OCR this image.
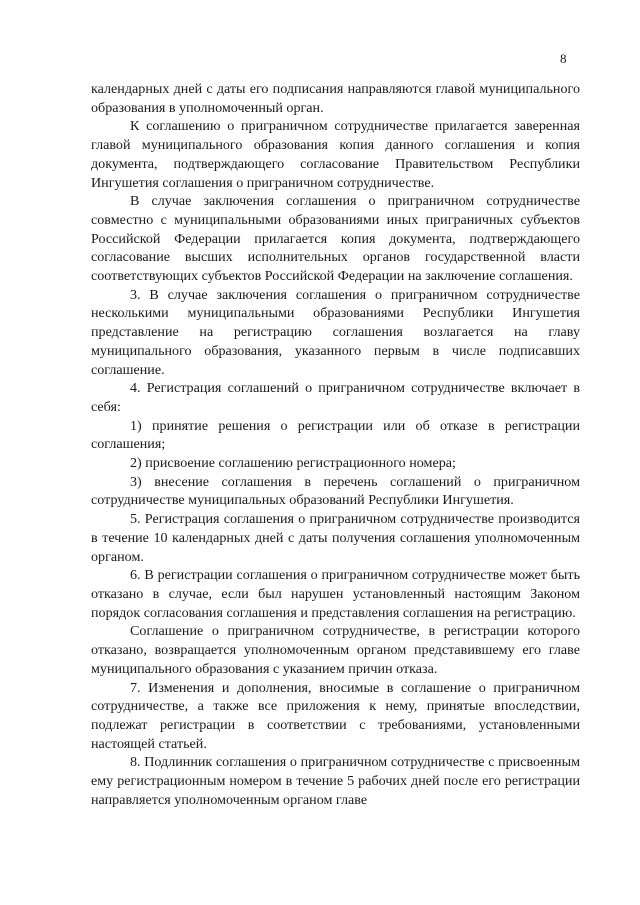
8

календарных дней с даты его подписания направляются главой муниципального образования в уполномоченный орган.

К соглашению о приграничном сотрудничестве прилагается заверенная главой муниципального образования копия данного соглашения и копия документа, подтверждающего согласование Правительством Республики Ингушетия соглашения о приграничном сотрудничестве.

В случае заключения соглашения о приграничном сотрудничестве совместно с муниципальными образованиями иных приграничных субъектов Российской Федерации прилагается копия документа, подтверждающего согласование высших исполнительных органов государственной власти соответствующих субъектов Российской Федерации на заключение соглашения.

3. В случае заключения соглашения о приграничном сотрудничестве несколькими муниципальными образованиями Республики Ингушетия представление на регистрацию соглашения возлагается на главу муниципального образования, указанного первым в числе подписавших соглашение.

4. Регистрация соглашений о приграничном сотрудничестве включает в себя:

1) принятие решения о регистрации или об отказе в регистрации соглашения;

2) присвоение соглашению регистрационного номера;

3) внесение соглашения в перечень соглашений о приграничном сотрудничестве муниципальных образований Республики Ингушетия.

5. Регистрация соглашения о приграничном сотрудничестве производится в течение 10 календарных дней с даты получения соглашения уполномоченным органом.

6. В регистрации соглашения о приграничном сотрудничестве может быть отказано в случае, если был нарушен установленный настоящим Законом порядок согласования соглашения и представления соглашения на регистрацию.

Соглашение о приграничном сотрудничестве, в регистрации которого отказано, возвращается уполномоченным органом представившему его главе муниципального образования с указанием причин отказа.

7. Изменения и дополнения, вносимые в соглашение о приграничном сотрудничестве, а также все приложения к нему, принятые впоследствии, подлежат регистрации в соответствии с требованиями, установленными настоящей статьей.

8. Подлинник соглашения о приграничном сотрудничестве с присвоенным ему регистрационным номером в течение 5 рабочих дней после его регистрации направляется уполномоченным органом главе
